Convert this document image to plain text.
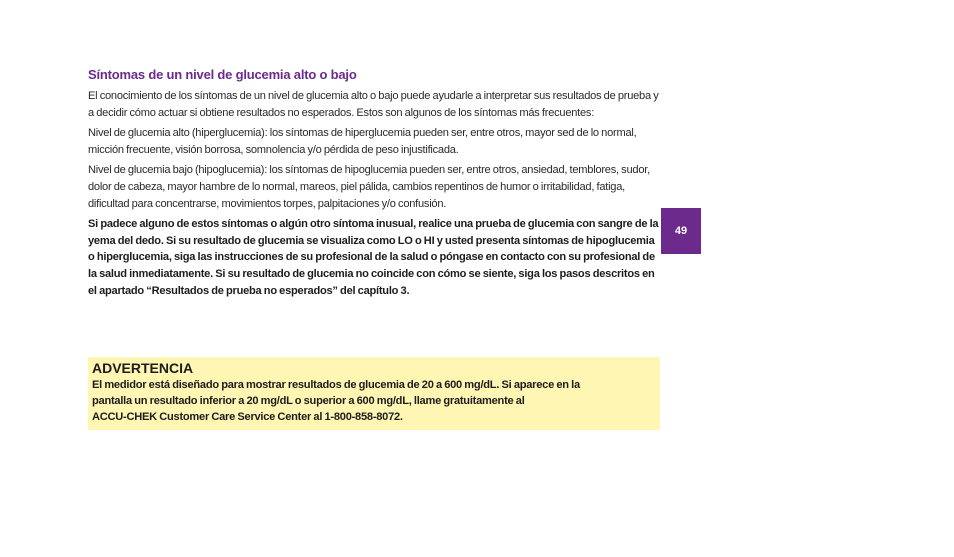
Síntomas de un nivel de glucemia alto o bajo

El conocimiento de los síntomas de un nivel de glucemia alto o bajo puede ayudarle a interpretar sus resultados de prueba y a decidir cómo actuar si obtiene resultados no esperados. Estos son algunos de los síntomas más frecuentes:

Nivel de glucemia alto (hiperglucemia): los síntomas de hiperglucemia pueden ser, entre otros, mayor sed de lo normal, micción frecuente, visión borrosa, somnolencia y/o pérdida de peso injustificada.

Nivel de glucemia bajo (hipoglucemia): los síntomas de hipoglucemia pueden ser, entre otros, ansiedad, temblores, sudor, dolor de cabeza, mayor hambre de lo normal, mareos, piel pálida, cambios repentinos de humor o irritabilidad, fatiga, dificultad para concentrarse, movimientos torpes, palpitaciones y/o confusión.

Si padece alguno de estos síntomas o algún otro síntoma inusual, realice una prueba de glucemia con sangre de la yema del dedo. Si su resultado de glucemia se visualiza como LO o HI y usted presenta síntomas de hipoglucemia o hiperglucemia, siga las instrucciones de su profesional de la salud o póngase en contacto con su profesional de la salud inmediatamente. Si su resultado de glucemia no coincide con cómo se siente, siga los pasos descritos en el apartado “Resultados de prueba no esperados” del capítulo 3.

49

ADVERTENCIA

El medidor está diseñado para mostrar resultados de glucemia de 20 a 600 mg/dL. Si aparece en la

pantalla un resultado inferior a 20 mg/dL o superior a 600 mg/dL, llame gratuitamente al

ACCU-CHEK Customer Care Service Center al 1-800-858-8072.
